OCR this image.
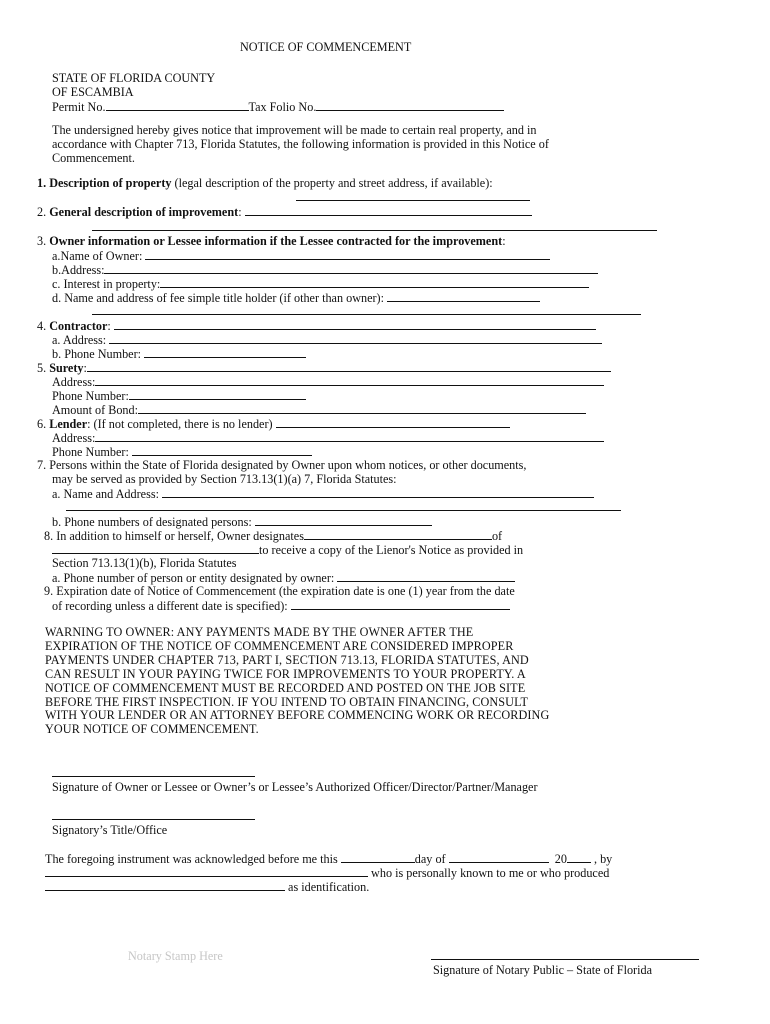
NOTICE OF COMMENCEMENT
STATE OF FLORIDA COUNTY
OF ESCAMBIA
Permit No.	Tax Folio No.
The undersigned hereby gives notice that improvement will be made to certain real property, and in
accordance with Chapter 713, Florida Statutes, the following information is provided in this Notice of
Commencement.
1. Description of property (legal description of the property and street address, if available):
2. General description of improvement:
3. Owner information or Lessee information if the Lessee contracted for the improvement:
a.Name of Owner:
b.Address:
c. Interest in property:
d. Name and address of fee simple title holder (if other than owner):
4. Contractor:
a. Address:
b. Phone Number:
5. Surety:
Address:
Phone Number:
Amount of Bond:
6. Lender: (If not completed, there is no lender)
Address:
Phone Number:
7. Persons within the State of Florida designated by Owner upon whom notices, or other documents,
may be served as provided by Section 713.13(1)(a) 7, Florida Statutes:
a. Name and Address:
b. Phone numbers of designated persons:
8. In addition to himself or herself, Owner designates	of
to receive a copy of the Lienor's Notice as provided in
Section 713.13(1)(b), Florida Statutes
a. Phone number of person or entity designated by owner:
9. Expiration date of Notice of Commencement (the expiration date is one (1) year from the date
of recording unless a different date is specified):
WARNING TO OWNER: ANY PAYMENTS MADE BY THE OWNER AFTER THE
EXPIRATION OF THE NOTICE OF COMMENCEMENT ARE CONSIDERED IMPROPER
PAYMENTS UNDER CHAPTER 713, PART I, SECTION 713.13, FLORIDA STATUTES, AND
CAN RESULT IN YOUR PAYING TWICE FOR IMPROVEMENTS TO YOUR PROPERTY. A
NOTICE OF COMMENCEMENT MUST BE RECORDED AND POSTED ON THE JOB SITE
BEFORE THE FIRST INSPECTION. IF YOU INTEND TO OBTAIN FINANCING, CONSULT
WITH YOUR LENDER OR AN ATTORNEY BEFORE COMMENCING WORK OR RECORDING
YOUR NOTICE OF COMMENCEMENT.
Signature of Owner or Lessee or Owner’s or Lessee’s Authorized Officer/Director/Partner/Manager
Signatory’s Title/Office
The foregoing instrument was acknowledged before me this	day of	20 , by
who is personally known to me or who produced
as identification.
Notary Stamp Here
Signature of Notary Public – State of Florida
